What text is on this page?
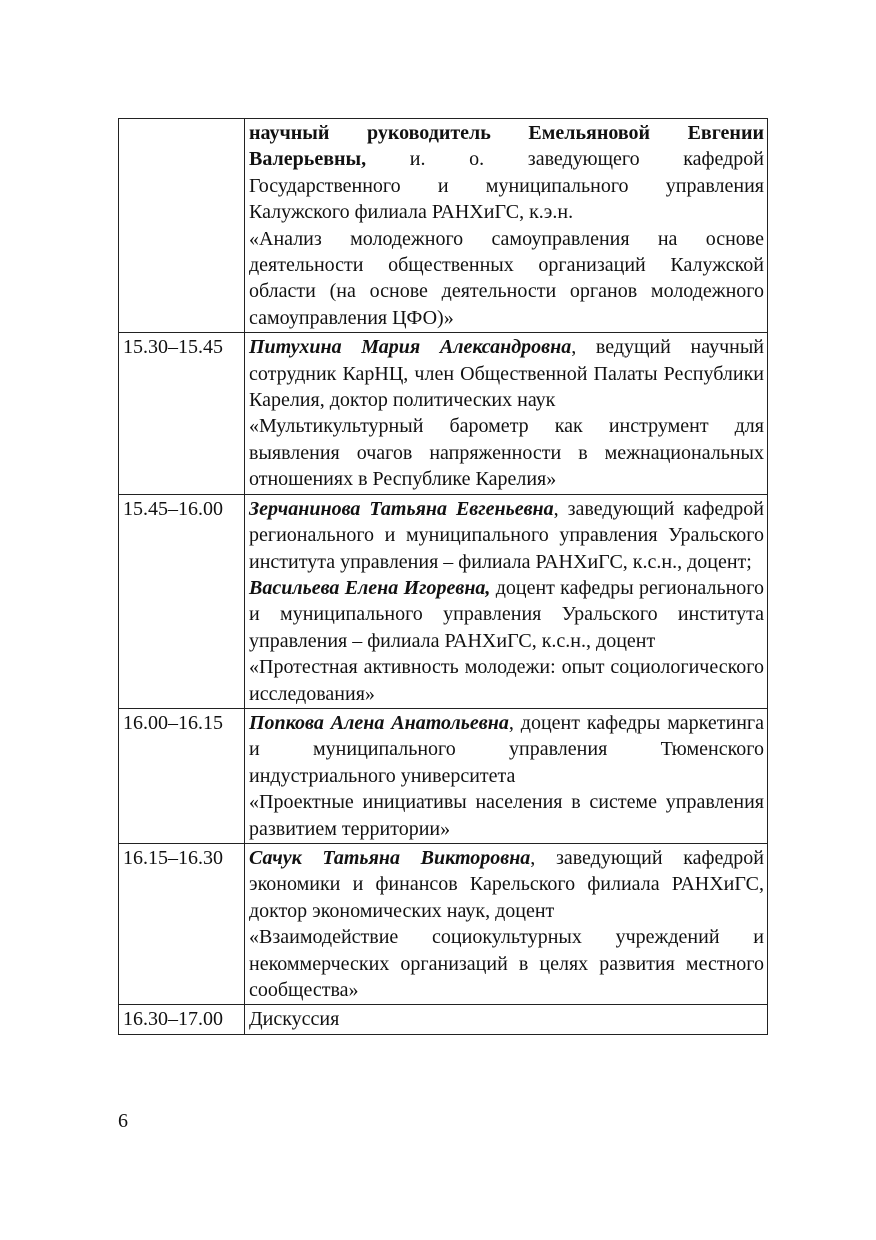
	научный руководитель Емельяновой Евгении Валерьевны, и. о. заведующего кафедрой Государственного и муниципального управления Калужского филиала РАНХиГС, к.э.н.
«Анализ молодежного самоуправления на основе деятельности общественных организаций Калужской области (на основе деятельности органов молодежного самоуправления ЦФО)»

15.30–15.45	Питухина Мария Александровна, ведущий научный сотрудник КарНЦ, член Общественной Палаты Республики Карелия, доктор политических наук
«Мультикультурный барометр как инструмент для выявления очагов напряженности в межнациональных отношениях в Республике Карелия»

15.45–16.00	Зерчанинова Татьяна Евгеньевна, заведующий кафедрой регионального и муниципального управления Уральского института управления – филиала РАНХиГС, к.с.н., доцент;
Васильева Елена Игоревна, доцент кафедры регионального и муниципального управления Уральского института управления – филиала РАНХиГС, к.с.н., доцент
«Протестная активность молодежи: опыт социологического исследования»

16.00–16.15	Попкова Алена Анатольевна, доцент кафедры маркетинга и муниципального управления Тюменского индустриального университета
«Проектные инициативы населения в системе управления развитием территории»

16.15–16.30	Сачук Татьяна Викторовна, заведующий кафедрой экономики и финансов Карельского филиала РАНХиГС, доктор экономических наук, доцент
«Взаимодействие социокультурных учреждений и некоммерческих организаций в целях развития местного сообщества»

16.30–17.00	Дискуссия
6
